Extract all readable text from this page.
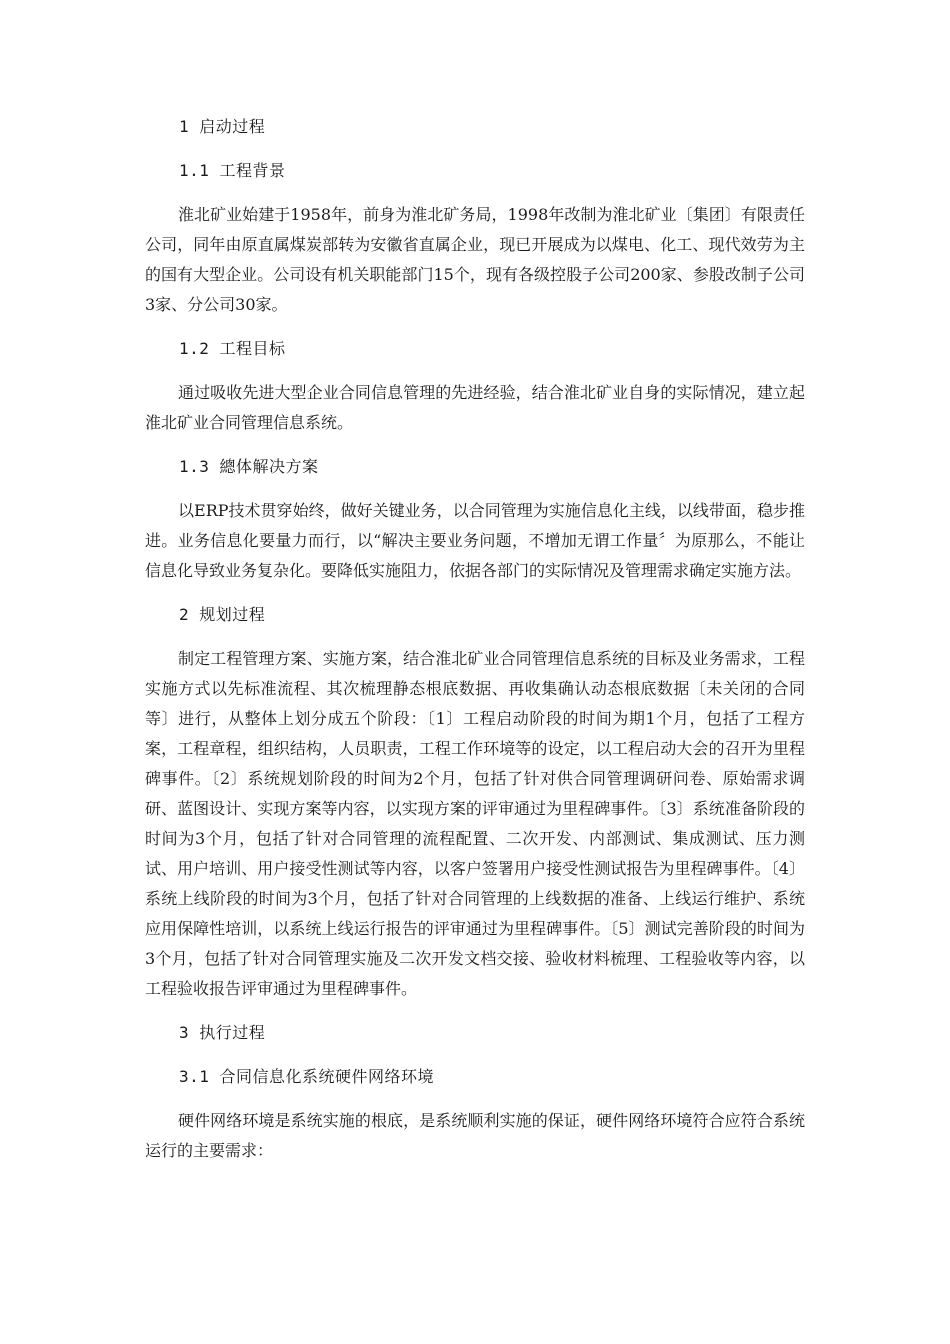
1 启动过程

1.1 工程背景

淮北矿业始建于1958年，前身为淮北矿务局，1998年改制为淮北矿业〔集团〕有限责任公司，同年由原直属煤炭部转为安徽省直属企业，现已开展成为以煤电、化工、现代效劳为主的国有大型企业。公司设有机关职能部门15个，现有各级控股子公司200家、参股改制子公司3家、分公司30家。

1.2 工程目标

通过吸收先进大型企业合同信息管理的先进经验，结合淮北矿业自身的实际情况，建立起淮北矿业合同管理信息系统。

1.3 總体解决方案

以ERP技术贯穿始终，做好关键业务，以合同管理为实施信息化主线，以线带面，稳步推进。业务信息化要量力而行，以“解决主要业务问题，不增加无谓工作量〞为原那么，不能让信息化导致业务复杂化。要降低实施阻力，依据各部门的实际情况及管理需求确定实施方法。

2 规划过程

制定工程管理方案、实施方案，结合淮北矿业合同管理信息系统的目标及业务需求，工程实施方式以先标准流程、其次梳理静态根底数据、再收集确认动态根底数据〔未关闭的合同等〕进行，从整体上划分成五个阶段：〔1〕工程启动阶段的时间为期1个月，包括了工程方案，工程章程，组织结构，人员职责，工程工作环境等的设定，以工程启动大会的召开为里程碑事件。〔2〕系统规划阶段的时间为2个月，包括了针对供合同管理调研问卷、原始需求调研、蓝图设计、实现方案等内容，以实现方案的评审通过为里程碑事件。〔3〕系统准备阶段的时间为3个月，包括了针对合同管理的流程配置、二次开发、内部测试、集成测试、压力测试、用户培训、用户接受性测试等内容，以客户签署用户接受性测试报告为里程碑事件。〔4〕系统上线阶段的时间为3个月，包括了针对合同管理的上线数据的准备、上线运行维护、系统应用保障性培训，以系统上线运行报告的评审通过为里程碑事件。〔5〕测试完善阶段的时间为3个月，包括了针对合同管理实施及二次开发文档交接、验收材料梳理、工程验收等内容，以工程验收报告评审通过为里程碑事件。

3 执行过程

3.1 合同信息化系统硬件网络环境

硬件网络环境是系统实施的根底，是系统顺利实施的保证，硬件网络环境符合应符合系统运行的主要需求：
